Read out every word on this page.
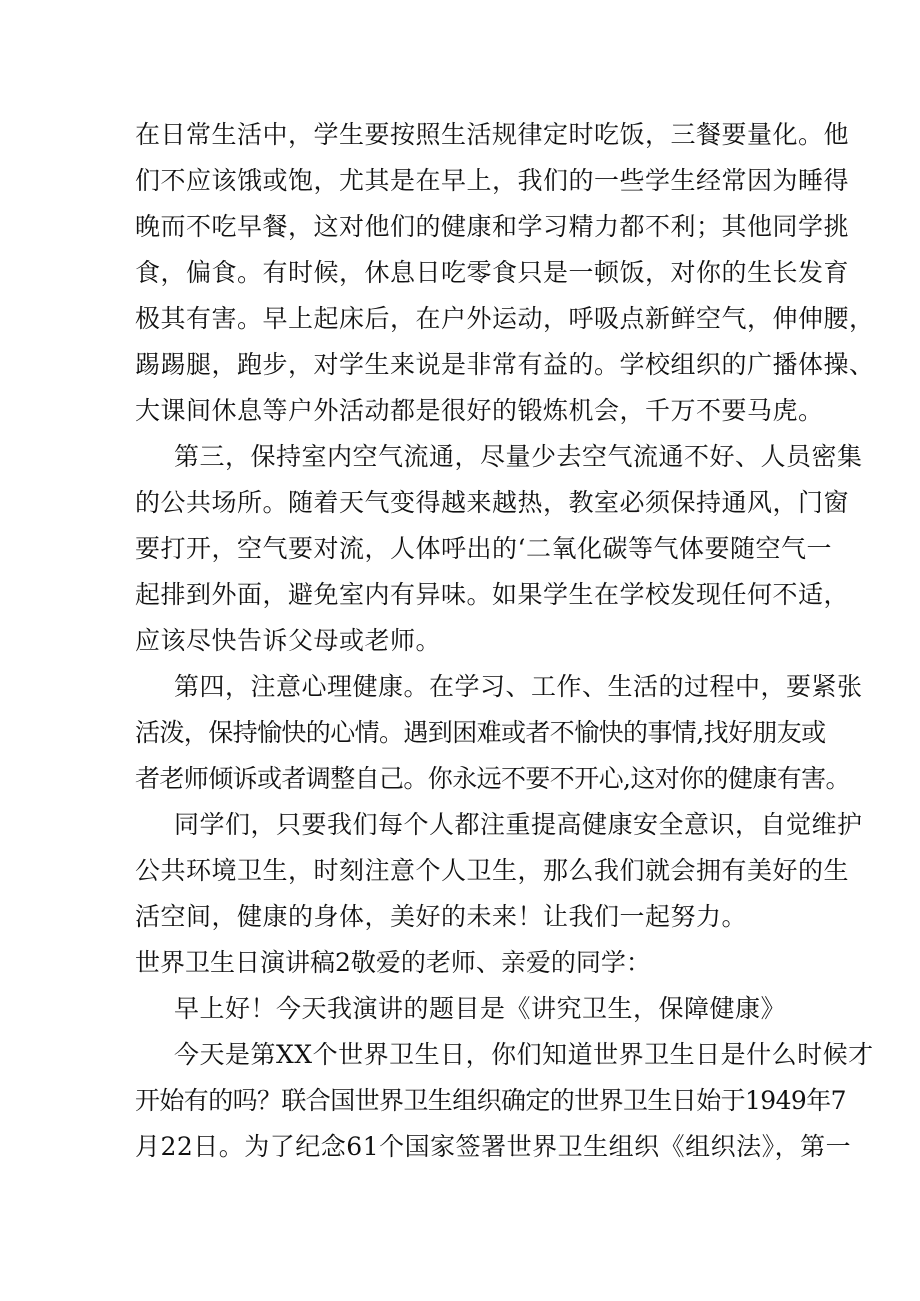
在日常生活中，学生要按照生活规律定时吃饭，三餐要量化。他
们不应该饿或饱，尤其是在早上，我们的一些学生经常因为睡得
晚而不吃早餐，这对他们的健康和学习精力都不利；其他同学挑
食，偏食。有时候，休息日吃零食只是一顿饭，对你的生长发育
极其有害。早上起床后，在户外运动，呼吸点新鲜空气，伸伸腰，
踢踢腿，跑步，对学生来说是非常有益的。学校组织的广播体操、
大课间休息等户外活动都是很好的锻炼机会，千万不要马虎。
第三，保持室内空气流通，尽量少去空气流通不好、人员密集
的公共场所。随着天气变得越来越热，教室必须保持通风，门窗
要打开，空气要对流，人体呼出的‘二氧化碳等气体要随空气一
起排到外面，避免室内有异味。如果学生在学校发现任何不适，
应该尽快告诉父母或老师。
第四，注意心理健康。在学习、工作、生活的过程中，要紧张
活泼，保持愉快的心情。遇到困难或者不愉快的事情,找好朋友或
者老师倾诉或者调整自己。你永远不要不开心,这对你的健康有害。
同学们，只要我们每个人都注重提高健康安全意识，自觉维护
公共环境卫生，时刻注意个人卫生，那么我们就会拥有美好的生
活空间，健康的身体，美好的未来！让我们一起努力。
世界卫生日演讲稿2敬爱的老师、亲爱的同学：
早上好！今天我演讲的题目是《讲究卫生，保障健康》
今天是第XX个世界卫生日，你们知道世界卫生日是什么时候才
开始有的吗？联合国世界卫生组织确定的世界卫生日始于1949年7
月22日。为了纪念61个国家签署世界卫生组织《组织法》，第一
